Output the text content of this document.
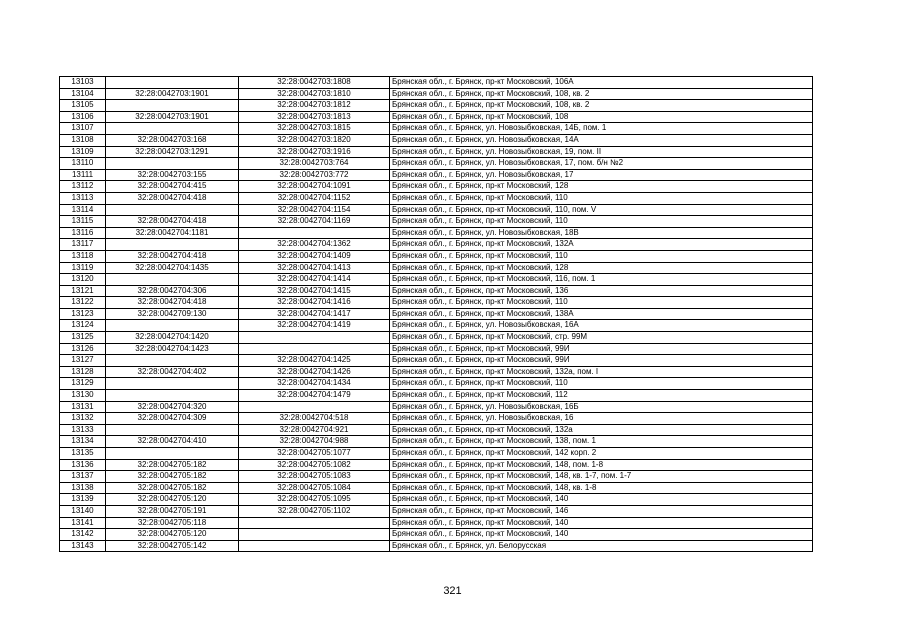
13103		32:28:0042703:1808	Брянская обл., г. Брянск, пр-кт Московский, 106А
13104	32:28:0042703:1901	32:28:0042703:1810	Брянская обл., г. Брянск, пр-кт Московский, 108, кв. 2
13105		32:28:0042703:1812	Брянская обл., г. Брянск, пр-кт Московский, 108, кв. 2
13106	32:28:0042703:1901	32:28:0042703:1813	Брянская обл., г. Брянск, пр-кт Московский, 108
13107		32:28:0042703:1815	Брянская обл., г. Брянск, ул. Новозыбковская, 14Б, пом. 1
13108	32:28:0042703:168	32:28:0042703:1820	Брянская обл., г. Брянск, ул. Новозыбковская, 14А
13109	32:28:0042703:1291	32:28:0042703:1916	Брянская обл., г. Брянск, ул. Новозыбковская, 19, пом. II
13110		32:28:0042703:764	Брянская обл., г. Брянск, ул. Новозыбковская, 17, пом. б/н №2
13111	32:28:0042703:155	32:28:0042703:772	Брянская обл., г. Брянск, ул. Новозыбковская, 17
13112	32:28:0042704:415	32:28:0042704:1091	Брянская обл., г. Брянск, пр-кт Московский, 128
13113	32:28:0042704:418	32:28:0042704:1152	Брянская обл., г. Брянск, пр-кт Московский, 110
13114		32:28:0042704:1154	Брянская обл., г. Брянск, пр-кт Московский, 110, пом. V
13115	32:28:0042704:418	32:28:0042704:1169	Брянская обл., г. Брянск, пр-кт Московский, 110
13116	32:28:0042704:1181		Брянская обл., г. Брянск, ул. Новозыбковская, 18В
13117		32:28:0042704:1362	Брянская обл., г. Брянск, пр-кт Московский, 132А
13118	32:28:0042704:418	32:28:0042704:1409	Брянская обл., г. Брянск, пр-кт Московский, 110
13119	32:28:0042704:1435	32:28:0042704:1413	Брянская обл., г. Брянск, пр-кт Московский, 128
13120		32:28:0042704:1414	Брянская обл., г. Брянск, пр-кт Московский, 116, пом. 1
13121	32:28:0042704:306	32:28:0042704:1415	Брянская обл., г. Брянск, пр-кт Московский, 136
13122	32:28:0042704:418	32:28:0042704:1416	Брянская обл., г. Брянск, пр-кт Московский, 110
13123	32:28:0042709:130	32:28:0042704:1417	Брянская обл., г. Брянск, пр-кт Московский, 138А
13124		32:28:0042704:1419	Брянская обл., г. Брянск, ул. Новозыбковская, 16А
13125	32:28:0042704:1420		Брянская обл., г. Брянск, пр-кт Московский, стр. 99М
13126	32:28:0042704:1423		Брянская обл., г. Брянск, пр-кт Московский, 99И
13127		32:28:0042704:1425	Брянская обл., г. Брянск, пр-кт Московский, 99И
13128	32:28:0042704:402	32:28:0042704:1426	Брянская обл., г. Брянск, пр-кт Московский, 132а, пом. I
13129		32:28:0042704:1434	Брянская обл., г. Брянск, пр-кт Московский, 110
13130		32:28:0042704:1479	Брянская обл., г. Брянск, пр-кт Московский, 112
13131	32:28:0042704:320		Брянская обл., г. Брянск, ул. Новозыбковская, 16Б
13132	32:28:0042704:309	32:28:0042704:518	Брянская обл., г. Брянск, ул. Новозыбковская, 16
13133		32:28:0042704:921	Брянская обл., г. Брянск, пр-кт Московский, 132а
13134	32:28:0042704:410	32:28:0042704:988	Брянская обл., г. Брянск, пр-кт Московский, 138, пом. 1
13135		32:28:0042705:1077	Брянская обл., г. Брянск, пр-кт Московский, 142 корп. 2
13136	32:28:0042705:182	32:28:0042705:1082	Брянская обл., г. Брянск, пр-кт Московский, 148, пом. 1-8
13137	32:28:0042705:182	32:28:0042705:1083	Брянская обл., г. Брянск, пр-кт Московский, 148, кв. 1-7, пом. 1-7
13138	32:28:0042705:182	32:28:0042705:1084	Брянская обл., г. Брянск, пр-кт Московский, 148, кв. 1-8
13139	32:28:0042705:120	32:28:0042705:1095	Брянская обл., г. Брянск, пр-кт Московский, 140
13140	32:28:0042705:191	32:28:0042705:1102	Брянская обл., г. Брянск, пр-кт Московский, 146
13141	32:28:0042705:118		Брянская обл., г. Брянск, пр-кт Московский, 140
13142	32:28:0042705:120		Брянская обл., г. Брянск, пр-кт Московский, 140
13143	32:28:0042705:142		Брянская обл., г. Брянск, ул. Белорусская
321
